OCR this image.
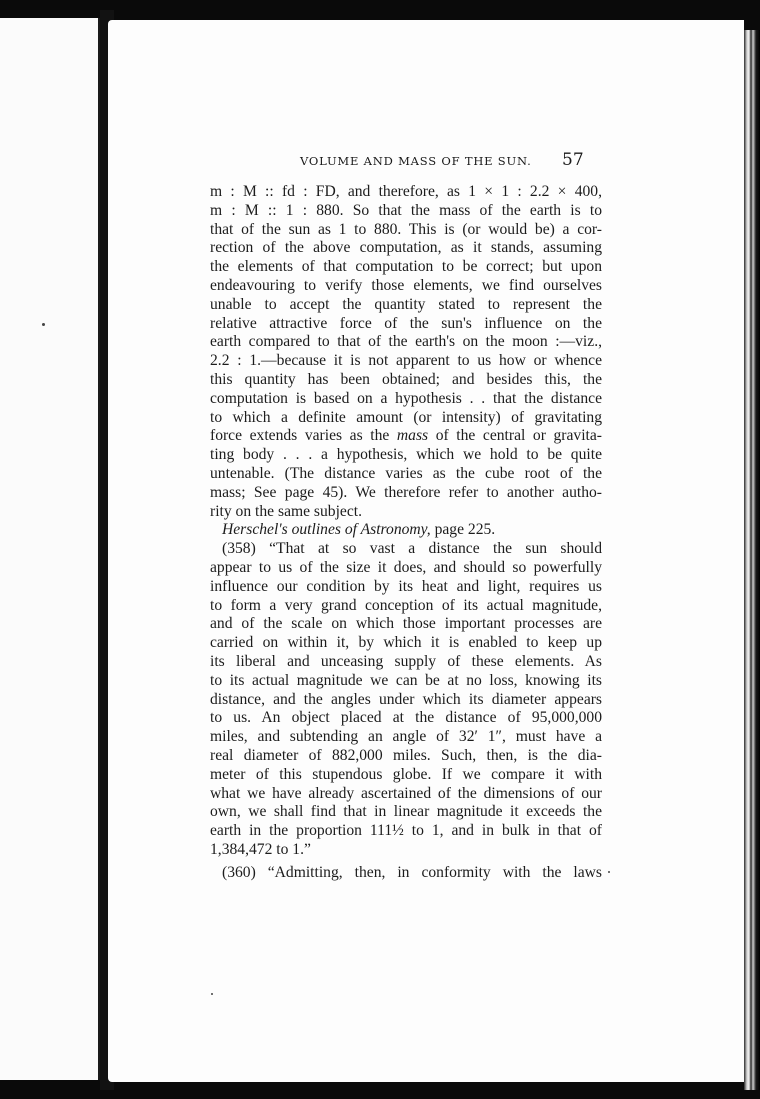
VOLUME AND MASS OF THE SUN. 57
m : M :: fd : FD, and therefore, as 1 × 1 : 2.2 × 400,
m : M :: 1 : 880. So that the mass of the earth is to
that of the sun as 1 to 880. This is (or would be) a cor-
rection of the above computation, as it stands, assuming
the elements of that computation to be correct; but upon
endeavouring to verify those elements, we find ourselves
unable to accept the quantity stated to represent the
relative attractive force of the sun's influence on the
earth compared to that of the earth's on the moon :—viz.,
2.2 : 1.—because it is not apparent to us how or whence
this quantity has been obtained; and besides this, the
computation is based on a hypothesis . . that the distance
to which a definite amount (or intensity) of gravitating
force extends varies as the mass of the central or gravita-
ting body . . . a hypothesis, which we hold to be quite
untenable. (The distance varies as the cube root of the
mass; See page 45). We therefore refer to another autho-
rity on the same subject.
Herschel's outlines of Astronomy, page 225.
(358) “That at so vast a distance the sun should
appear to us of the size it does, and should so powerfully
influence our condition by its heat and light, requires us
to form a very grand conception of its actual magnitude,
and of the scale on which those important processes are
carried on within it, by which it is enabled to keep up
its liberal and unceasing supply of these elements. As
to its actual magnitude we can be at no loss, knowing its
distance, and the angles under which its diameter appears
to us. An object placed at the distance of 95,000,000
miles, and subtending an angle of 32′ 1″, must have a
real diameter of 882,000 miles. Such, then, is the dia-
meter of this stupendous globe. If we compare it with
what we have already ascertained of the dimensions of our
own, we shall find that in linear magnitude it exceeds the
earth in the proportion 111½ to 1, and in bulk in that of
1,384,472 to 1.”
(360) “Admitting, then, in conformity with the laws
